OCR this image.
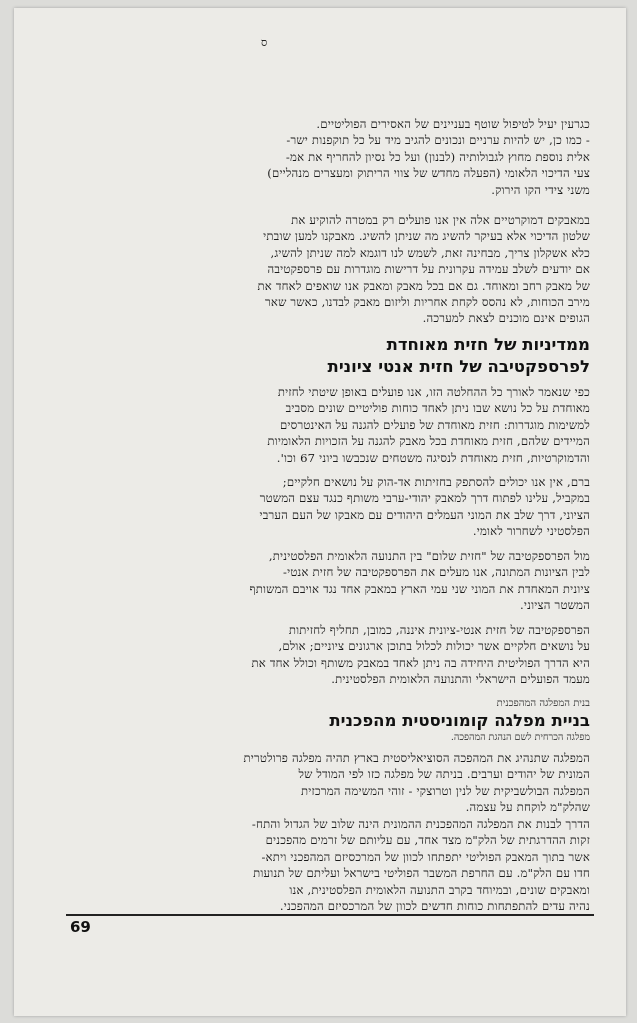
ס

כגרעין יעיל לטיפול שוטף בעניינים של האסירים הפוליטיים.
- כמו כן, יש להיות ערניים ונכונים להגיב מיד על כל תוקפנות ישר-
אלית נוספת מחוץ לגבולותיה (לבנון) ועל כל נסיון להחריף את אמ-
צעי הדיכוי הלאומי (הפעלה מחדש של צווי הריתוק ומעצרים מנהליים)
משני צידי הקו הירוק.

במאבקים דמוקרטיים אלה אין אנו פועלים רק במטרה להוקיע את
שלטון הדיכוי אלא בעיקר להשיג מה שניתן להשיג. מאבקנו למען שובתי
כלא אשקלון צריך, מבחינה זאת, לשמש לנו דוגמא למה שניתן להשיג,
אם יודעים לשלב עמידה עקרונית על דרישות מוגדרות עם פרספקטיבה
של מאבק רחב ומאוחד. גם אם בכל מאבק ומאבק אנו שואפים לאחד את
מירב הכוחות, לא נהסס לקחת אחריות וליזום מאבק לבדנו, כאשר שאר
הגופים אינם מוכנים לצאת למערכה.

ממדיניות של חזית מאוחדת
לפרספקטיבה של חזית אנטי ציונית

כפי שנאמר לאורך כל ההחלטה הזו, אנו פועלים באופן שיטתי לחזית
מאוחדת על כל נושא שבו ניתן לאחד כוחות פוליטיים שונים מסביב
למשימות מוגדרות: חזית מאוחדת של פועלים להגנה על האינטרסים
המיידים שלהם, חזית מאוחדת בכל מאבק להגנה על הזכויות הלאומיות
והדמוקרטיות, חזית מאוחדת לנסיגה משטחים שנכבשו ביוני 67 וכו'.

ברם, אין אנו יכולים להסתפק בחזיתות אד-הוק על נושאים חלקיים;
במקביל, עלינו לפתוח דרך למאבק יהודי-ערבי משותף כנגד עצם המשטר
הציוני, דרך שלב את המוני העמלים היהודים עם מאבקו של העם הערבי
הפלסטיני לשחרור לאומי.

מול הפרספקטיבה של "חזית שלום" בין התנועה הלאומית הפלסטינית,
לבין הציונות המתונה, אנו מעלים את הפרספקטיבה של חזית אנטי-
ציונית המאחדת את המוני שני עמי הארץ במאבק אחד נגד אויבם המשותף
המשטר הציוני.

הפרספקטיבה של חזית אנטי-ציונית איננה, כמובן, תחליף לחזיתות
על נושאים חלקיים אשר יכולות לכלול בתוכן ארגונים ציוניים; אולם,
היא הדרך הפוליטית היחידה בה ניתן לאחד במאבק משותף וכולל אחד את
מעמד הפועלים הישראלי והתנועה הלאומית הפלסטינית.

בנית המפלגה המהפכנית

בניית מפלגה קומוניסטית מהפכנית

מפלגה הכרחית לשם הנהגת המהפכה.

המפלגה שתנהיג את המהפכה הסוציאליסטית בארץ תהיה מפלגה פרולטרית
המונית של יהודים וערבים. בניתה של מפלגה כזו לפי המודל של
המפלגה הבולשביקית של לנין וטרוצקי - זוהי המשימה המרכזית
שהלק"מ לוקחת על עצמה.

הדרך לבנות את המפלגה המהפכנית ההמונית הינה שלוב של הגדול והתח-
זקות ההדרגתית של הלק"מ מצד אחד, עם עליותם של זרמים מהפכנים
אשר בתוך המאבק הפוליטי יתפתחו לכוון של המרכסיזם המהפכני ויתא-
חדו עם הלק"מ. עם החרפת המשבר הפוליטי בישראל ועליתם של תנועות
ומאבקים שונים, ובמיוחד בקרב התנועה הלאומית הפלסטינית, אנו
נהיה עדים להתפתחות כוחות חדשים לכוון של המרכסיזם המהפכני.

69
